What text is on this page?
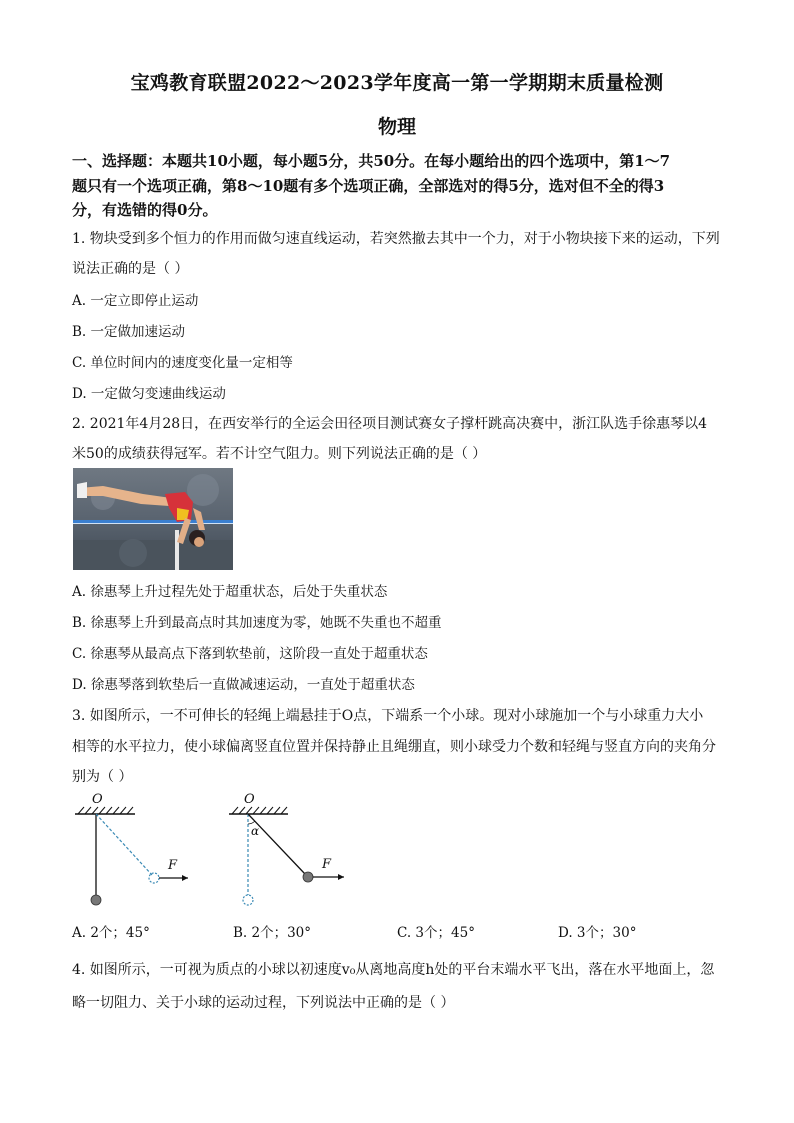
宝鸡教育联盟2022～2023学年度高一第一学期期末质量检测
物理
一、选择题：本题共10小题，每小题5分，共50分。在每小题给出的四个选项中，第1～7
题只有一个选项正确，第8～10题有多个选项正确，全部选对的得5分，选对但不全的得3
分，有选错的得0分。
1. 物块受到多个恒力的作用而做匀速直线运动，若突然撤去其中一个力，对于小物块接下来的运动，下列
说法正确的是（ ）
A. 一定立即停止运动
B. 一定做加速运动
C. 单位时间内的速度变化量一定相等
D. 一定做匀变速曲线运动
2. 2021年4月28日，在西安举行的全运会田径项目测试赛女子撑杆跳高决赛中，浙江队选手徐惠琴以4
米50的成绩获得冠军。若不计空气阻力。则下列说法正确的是（ ）
A. 徐惠琴上升过程先处于超重状态，后处于失重状态
B. 徐惠琴上升到最高点时其加速度为零，她既不失重也不超重
C. 徐惠琴从最高点下落到软垫前，这阶段一直处于超重状态
D. 徐惠琴落到软垫后一直做减速运动，一直处于超重状态
3. 如图所示，一不可伸长的轻绳上端悬挂于O点，下端系一个小球。现对小球施加一个与小球重力大小
相等的水平拉力，使小球偏离竖直位置并保持静止且绳绷直，则小球受力个数和轻绳与竖直方向的夹角分
别为（ ）
O
F
O
α
F
A. 2个；45°	B. 2个；30°	C. 3个；45°	D. 3个；30°
4. 如图所示，一可视为质点的小球以初速度v₀从离地高度h处的平台末端水平飞出，落在水平地面上，忽
略一切阻力、关于小球的运动过程，下列说法中正确的是（ ）
